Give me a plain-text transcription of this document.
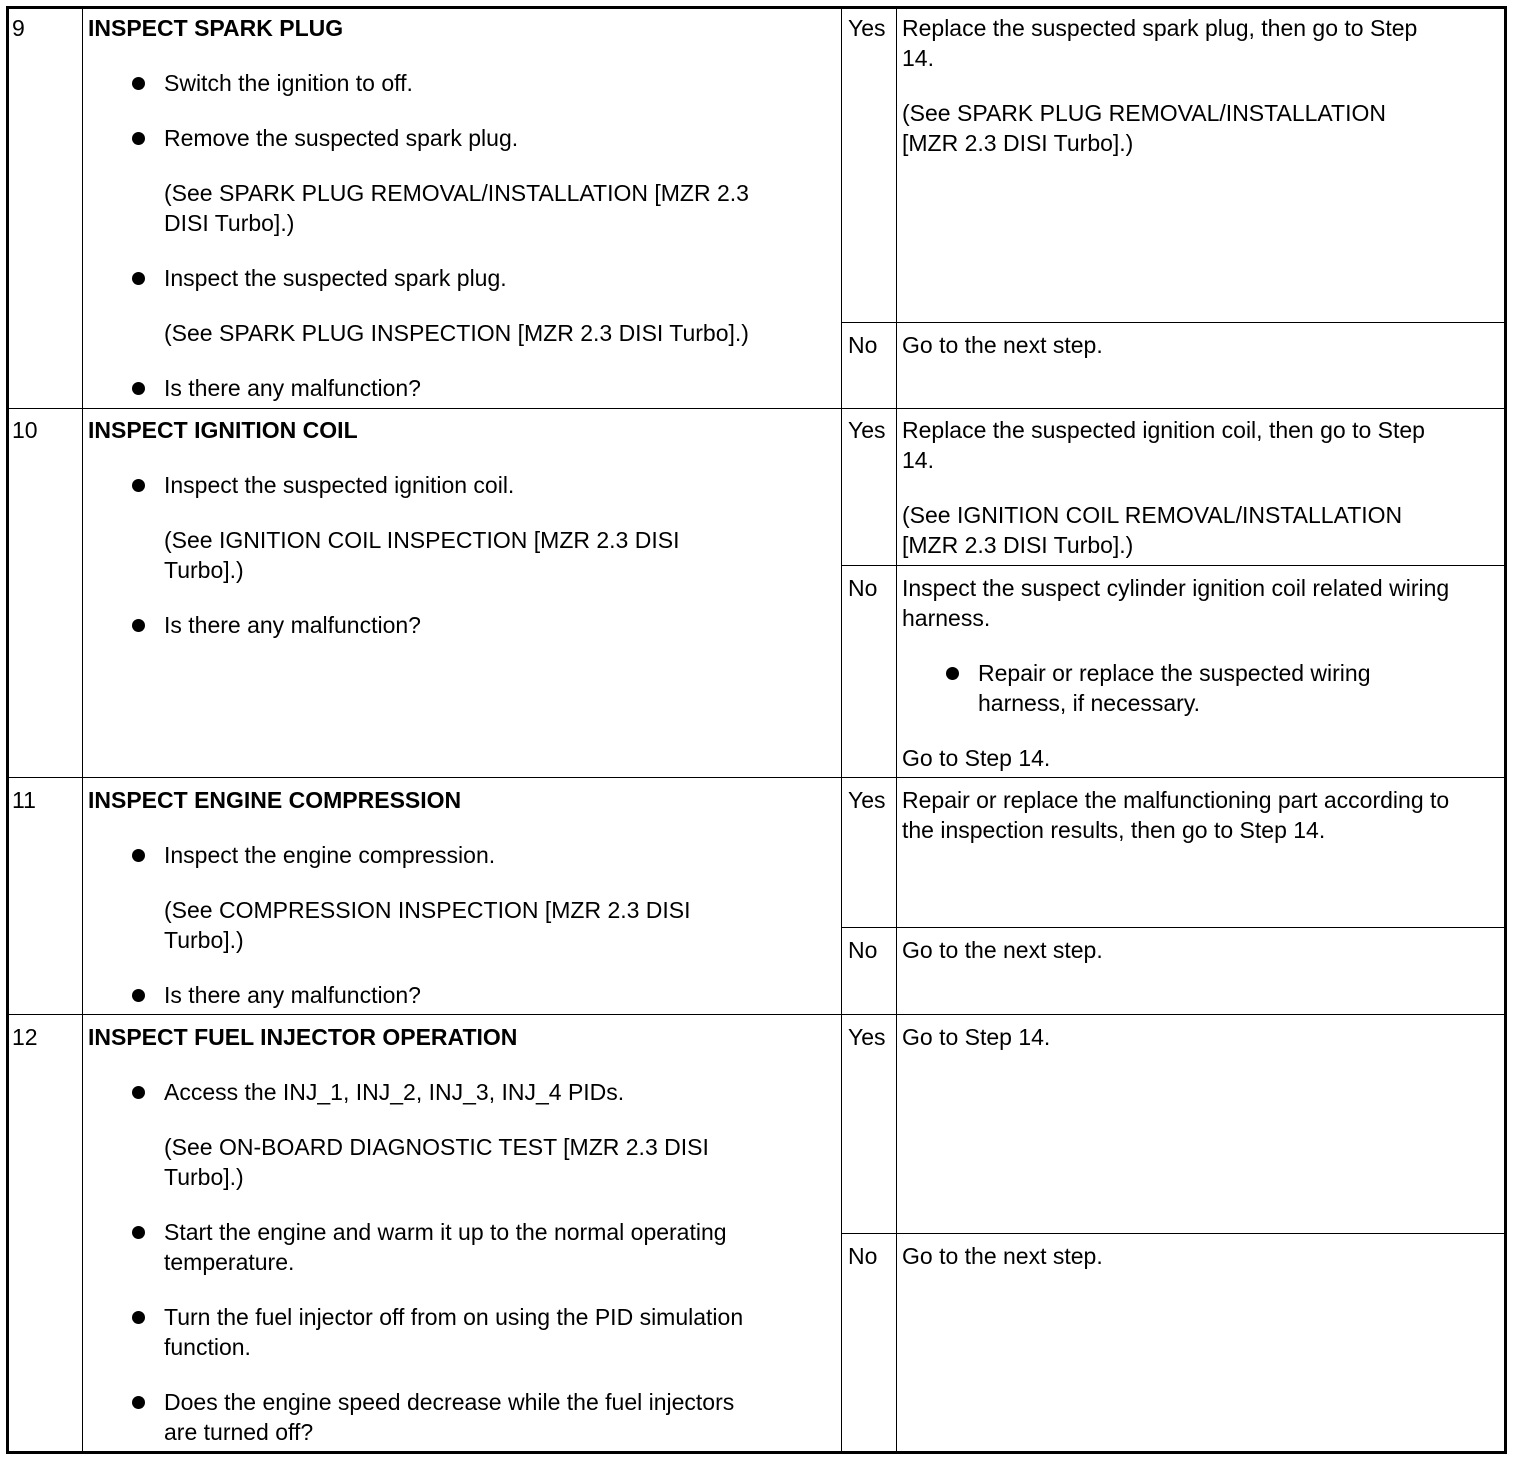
9	INSPECT SPARK PLUG
Switch the ignition to off.
Remove the suspected spark plug.
(See SPARK PLUG REMOVAL/INSTALLATION [MZR 2.3
DISI Turbo].)
Inspect the suspected spark plug.
(See SPARK PLUG INSPECTION [MZR 2.3 DISI Turbo].)
Is there any malfunction?
Yes Replace the suspected spark plug, then go to Step
14.
(See SPARK PLUG REMOVAL/INSTALLATION
[MZR 2.3 DISI Turbo].)
No Go to the next step.
10 INSPECT IGNITION COIL
Inspect the suspected ignition coil.
(See IGNITION COIL INSPECTION [MZR 2.3 DISI
Turbo].)
Is there any malfunction?
Yes Replace the suspected ignition coil, then go to Step
14.
(See IGNITION COIL REMOVAL/INSTALLATION
[MZR 2.3 DISI Turbo].)
No Inspect the suspect cylinder ignition coil related wiring
harness.
Repair or replace the suspected wiring
harness, if necessary.
Go to Step 14.
11 INSPECT ENGINE COMPRESSION
Inspect the engine compression.
(See COMPRESSION INSPECTION [MZR 2.3 DISI
Turbo].)
Is there any malfunction?
Yes Repair or replace the malfunctioning part according to
the inspection results, then go to Step 14.
No Go to the next step.
12 INSPECT FUEL INJECTOR OPERATION
Access the INJ_1, INJ_2, INJ_3, INJ_4 PIDs.
(See ON-BOARD DIAGNOSTIC TEST [MZR 2.3 DISI
Turbo].)
Start the engine and warm it up to the normal operating
temperature.
Turn the fuel injector off from on using the PID simulation
function.
Does the engine speed decrease while the fuel injectors
are turned off?
Yes Go to Step 14.
No Go to the next step.
